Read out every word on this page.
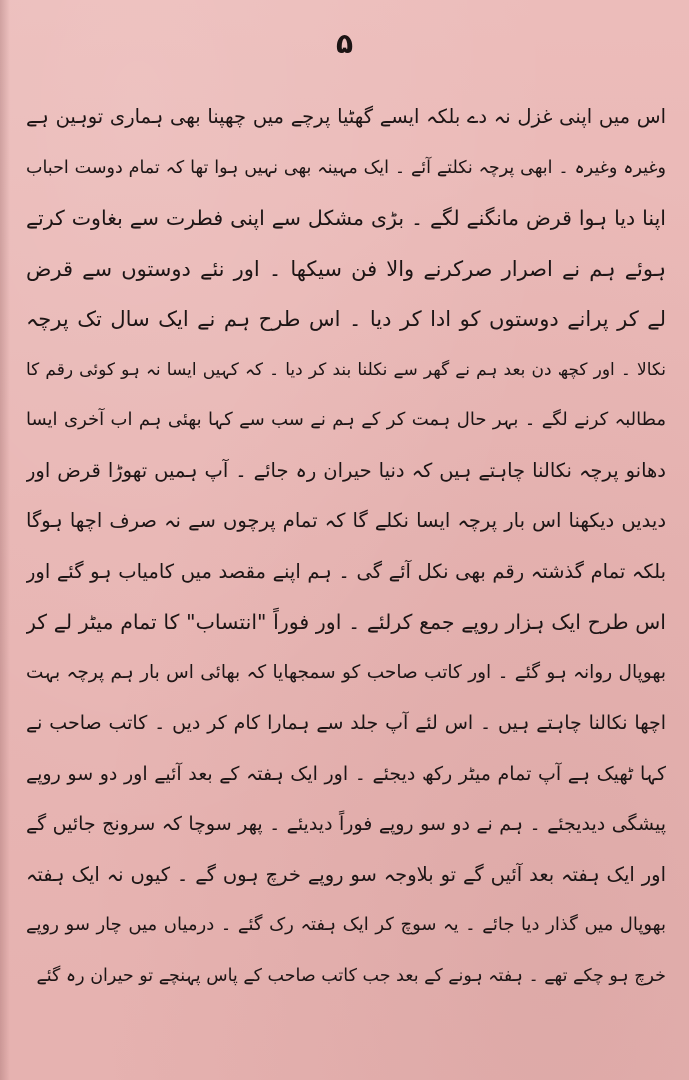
۵
اس میں اپنی غزل نہ دے بلکہ ایسے گھٹیا پرچے میں چھپنا بھی ہماری توہین ہے
وغیرہ وغیرہ ۔ ابھی پرچہ نکلتے آئے ۔ ایک مہینہ بھی نہیں ہوا تھا کہ تمام دوست احباب
اپنا دیا ہوا قرض مانگنے لگے ۔ بڑی مشکل سے اپنی فطرت سے بغاوت کرتے
ہوئے ہم نے اصرار صرکرنے والا فن سیکھا ۔ اور نئے دوستوں سے قرض
لے کر پرانے دوستوں کو ادا کر دیا ۔ اس طرح ہم نے ایک سال تک پرچہ
نکالا ۔ اور کچھ دن بعد ہم نے گھر سے نکلنا بند کر دیا ۔ کہ کہیں ایسا نہ ہو کوئی رقم کا
مطالبہ کرنے لگے ۔ بہر حال ہمت کر کے ہم نے سب سے کہا بھئی ہم اب آخری ایسا
دھانو پرچہ نکالنا چاہتے ہیں کہ دنیا حیران رہ جائے ۔ آپ ہمیں تھوڑا قرض اور
دیدیں دیکھنا اس بار پرچہ ایسا نکلے گا کہ تمام پرچوں سے نہ صرف اچھا ہوگا
بلکہ تمام گذشتہ رقم بھی نکل آئے گی ۔ ہم اپنے مقصد میں کامیاب ہو گئے اور
اس طرح ایک ہزار روپے جمع کرلئے ۔ اور فوراً "انتساب" کا تمام میٹر لے کر
بھوپال روانہ ہو گئے ۔ اور کاتب صاحب کو سمجھایا کہ بھائی اس بار ہم پرچہ بہت
اچھا نکالنا چاہتے ہیں ۔ اس لئے آپ جلد سے ہمارا کام کر دیں ۔ کاتب صاحب نے
کہا ٹھیک ہے آپ تمام میٹر رکھ دیجئے ۔ اور ایک ہفتہ کے بعد آئیے اور دو سو روپے
پیشگی دیدیجئے ۔ ہم نے دو سو روپے فوراً دیدیئے ۔ پھر سوچا کہ سرونج جائیں گے
اور ایک ہفتہ بعد آئیں گے تو بلاوجہ سو روپے خرچ ہوں گے ۔ کیوں نہ ایک ہفتہ
بھوپال میں گذار دیا جائے ۔ یہ سوچ کر ایک ہفتہ رک گئے ۔ درمیاں میں چار سو روپے
خرچ ہو چکے تھے ۔ ہفتہ ہونے کے بعد جب کاتب صاحب کے پاس پہنچے تو حیران رہ گئے
